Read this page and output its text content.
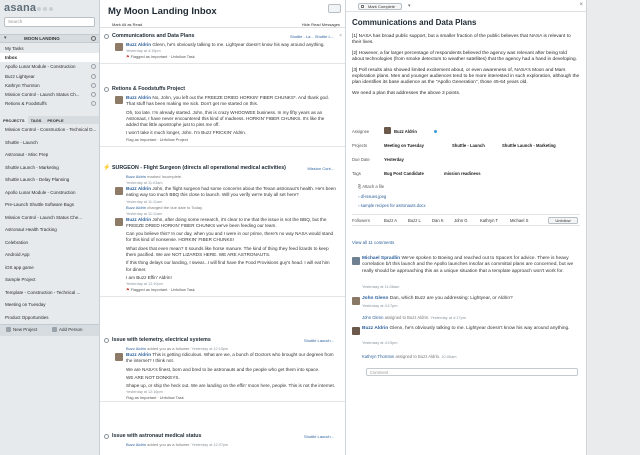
asana
Search
▾	MOON LANDING
My Tasks
Inbox
Apollo Lunar Module - Construction
Buzz Lightyear
Kathryn Thornton
Mission Control - Launch Status Ch...
Retions & Foodstuffs
PROJECTS TAGS PEOPLE
Mission Control - Construction - Technical D...
Shuttle - Launch
Astronaut - Misc Prep
Shuttle Launch - Marketing
Shuttle Launch - Delay Planning
Apollo Lunar Module - Construction
Pre-Launch Shuttle Software Bugs
Mission Control - Launch Status Che...
Astronaut Health Tracking
Celebration
Android App
iOS app game
Sample Project
Template - Construction - Technical ...
Meeting on Tuesday
Product Opportunities
New Project	Add Person
My Moon Landing Inbox
Mark All as Read	Hide Read Messages
Communications and Data Plans	Shuttle - La... Shuttle L... ×
Buzz Aldrin Glenn, he's obviously talking to me. Lightyear doesn't know his way around anything.
Yesterday at 4:19pm
⚑ Flagged as Important · Unfollow Task
Retions & Foodstuffs Project
Buzz Aldrin No, John, you left out the FREEZE DRIED HORKIN' FIBER CHUNKS*. And thank god. That stuff has been making me sick. Don't get me started on this.
Oh, too late. I'm already started. John, this is crazy WHOOWEE business. In my fifty years as an Astronaut, I have never encountered this kind of madness. HORKIN' FIBER CHUNKS. It's like the added that little apostrophe just to piss me off.
I won't take it much longer, John. I'm Buzz FRICKIN' Aldrin.
Flag as Important · Unfollow Project
⚡ SURGEON - Flight Surgeon (directs all operational medical activities)	Mission Cont...
Buzz Aldrin marked Incomplete.
Yesterday at 11:03am
Buzz Aldrin John, the flight surgeon had some concerns about the Texan astronaut's health. He's been eating way too much BBQ this close to launch. Will you verify we're truly all set here?
Yesterday at 11:11am
Buzz Aldrin changed the due date to Today.
Yesterday at 11:11am
Buzz Aldrin John, after doing some research, it's clear to me that the issue is not the BBQ, but the FREEZE DRIED HORKIN' FIBER CHUNKS we've been feeding our team.
Can you believe this? In our day, when you and I were in our prime, there's no way NASA would stand for this kind of nonsense. HORKIN' FIBER CHUNKS!
What does that even mean? It sounds like horse manure. The kind of thing they feed lizards to keep them pacified. We are NOT LIZARDS HERE. WE ARE ASTRONAUTS.
If this thing delays our landing, I swear...I will find have the Food Provisions guy's head. I will eat him for dinner.
I am Buzz Effin' Aldrin!
Yesterday at 12:10pm
⚑ Flagged as Important · Unfollow Task
Issue with telemetry, electrical systems	Shuttle Launch...
Buzz Aldrin added you as a follower. Yesterday at 12:15pm
Buzz Aldrin This is getting ridiculous. What are we, a bunch of Doctors who brought our degrees from the internet? I think not.
We are NASA's finest, born and bred to be astronauts and the people who get them into space.
WE ARE NOT DONKEYS.
Shape up, or ship the heck out. We are landing on the effin' moon here, people. This is not the internet.
Yesterday at 12:16pm
Flag as Important · Unfollow Task
Issue with astronaut medical status	Shuttle Launch...
Buzz Aldrin added you as a follower. Yesterday at 12:07pm
Mark Complete	▾	×
Communications and Data Plans

[1] NASA has broad public support, but a smaller fraction of the public believes that NASA is relevant to their lives.

[2] However, a far larger percentage of respondents believed the agency was relevant after being told about technologies (from smoke detectors to weather satellites) that the agency had a hand in developing.

[3] Poll results also showed limited excitement about, or even awareness of, NASA's Moon and Mars exploration plans. Men and younger audiences tend to be more interested in such exploration, although the plan identifies its base audience as the "Apollo Generation", those 45-64 years old.

We need a plan that addresses the above 3 points.

Assignee	Buzz Aldrin
Projects	Meeting on Tuesday	Shuttle - Launch	Shuttle Launch - Marketing
Due Date	Yesterday
Tags	Bug Post Candidate	mission readiness
⎘ Attach a file
▫ dl-issues.jpeg
▫ sample recipes for astronauts.docx
Followers	Buzz A	Buzz L	Dan K John G	Kathryn T	Michael S	Unfollow
View all 11 comments
Michael Spradlin We've spoken to Boeing and reached out to SpaceX for advice. There is heavy correlation b/t this launch and the Apollo launches insofar as committal plans are concerned, but we really should be approaching this as a unique situation that a template approach won't work for.
Yesterday at 11:06am
John Glenn Dan, which Buzz are you addressing: Lightyear, or Aldrin?
Yesterday at 4:17pm
John Glenn assigned to Buzz Aldrin. Yesterday at 4:17pm
Buzz Aldrin Glenn, he's obviously talking to me. Lightyear doesn't know his way around anything.
Yesterday at 4:19pm
Kathryn Thornton assigned to Buzz Aldrin. 10:06am
Comment
